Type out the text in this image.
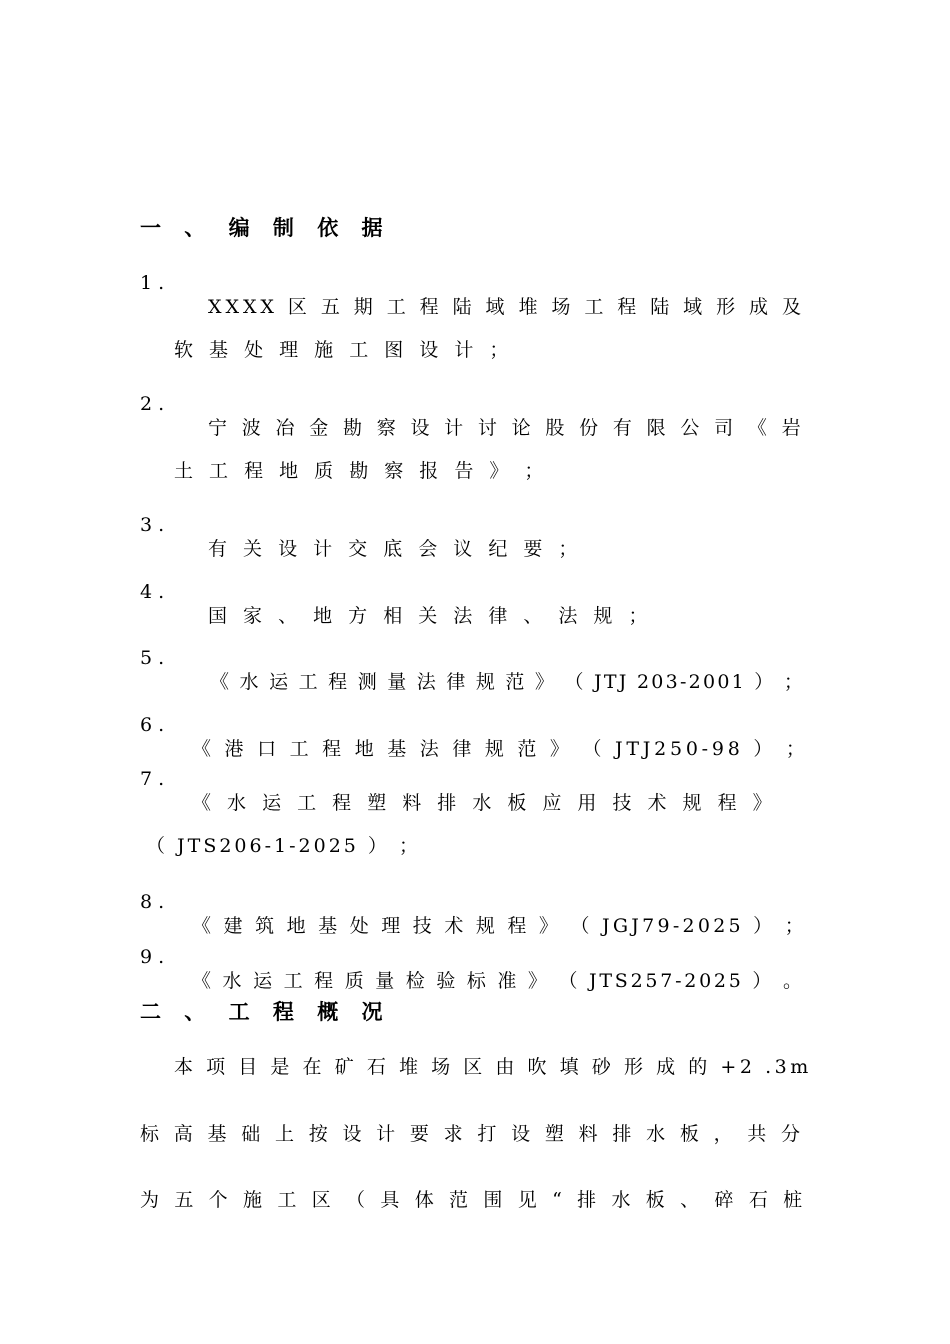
一 、 编 制 依 据

1 .

XXXX 区 五 期 工 程 陆 域 堆 场 工 程 陆 域 形 成 及

软 基 处 理 施 工 图 设 计 ；

2 .

宁 波 冶 金 勘 察 设 计 讨 论 股 份 有 限 公 司 《 岩

土 工 程 地 质 勘 察 报 告 》 ；

3 .

有 关 设 计 交 底 会 议 纪 要 ；

4 .

国 家 、 地 方 相 关 法 律 、 法 规 ；

5 .

《 水 运 工 程 测 量 法 律 规 范 》 （ JTJ 203-2001 ） ；

6 .

《 港 口 工 程 地 基 法 律 规 范 》 （ JTJ250-98 ） ；

7 .

《 水 运 工 程 塑 料 排 水 板 应 用 技 术 规 程 》

（ JTS206-1-2025 ） ；

8 .

《 建 筑 地 基 处 理 技 术 规 程 》 （ JGJ79-2025 ） ；

9 .

《 水 运 工 程 质 量 检 验 标 准 》 （ JTS257-2025 ） 。

二 、 工 程 概 况

本 项 目 是 在 矿 石 堆 场 区 由 吹 填 砂 形 成 的 +2 .3m

标 高 基 础 上 按 设 计 要 求 打 设 塑 料 排 水 板 ， 共 分

为 五 个 施 工 区 （ 具 体 范 围 见 “ 排 水 板 、 碎 石 桩
